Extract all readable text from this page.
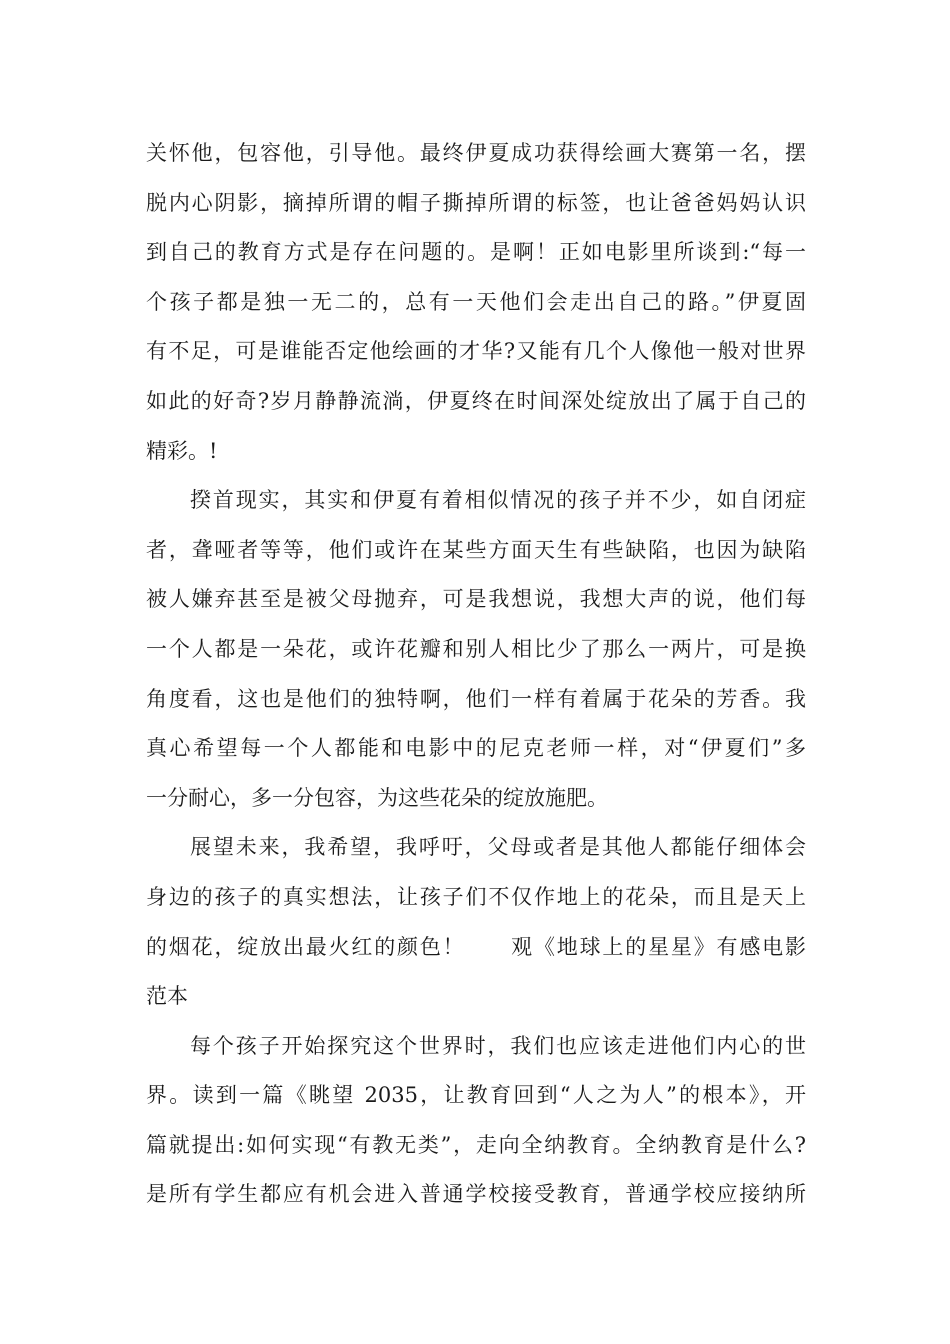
关怀他，包容他，引导他。最终伊夏成功获得绘画大赛第一名，摆
脱内心阴影，摘掉所谓的帽子撕掉所谓的标签，也让爸爸妈妈认识
到自己的教育方式是存在问题的。是啊！正如电影里所谈到:“每一
个孩子都是独一无二的，总有一天他们会走出自己的路。”伊夏固
有不足，可是谁能否定他绘画的才华?又能有几个人像他一般对世界
如此的好奇?岁月静静流淌，伊夏终在时间深处绽放出了属于自己的
精彩。!
揆首现实，其实和伊夏有着相似情况的孩子并不少，如自闭症
者，聋哑者等等，他们或许在某些方面天生有些缺陷，也因为缺陷
被人嫌弃甚至是被父母抛弃，可是我想说，我想大声的说，他们每
一个人都是一朵花，或许花瓣和别人相比少了那么一两片，可是换
角度看，这也是他们的独特啊，他们一样有着属于花朵的芳香。我
真心希望每一个人都能和电影中的尼克老师一样，对“伊夏们”多
一分耐心，多一分包容，为这些花朵的绽放施肥。
展望未来，我希望，我呼吁，父母或者是其他人都能仔细体会
身边的孩子的真实想法，让孩子们不仅作地上的花朵，而且是天上
的烟花，绽放出最火红的颜色！　　观《地球上的星星》有感电影
范本
每个孩子开始探究这个世界时，我们也应该走进他们内心的世
界。读到一篇《眺望 2035，让教育回到“人之为人”的根本》，开
篇就提出:如何实现“有教无类”，走向全纳教育。全纳教育是什么?
是所有学生都应有机会进入普通学校接受教育，普通学校应接纳所
